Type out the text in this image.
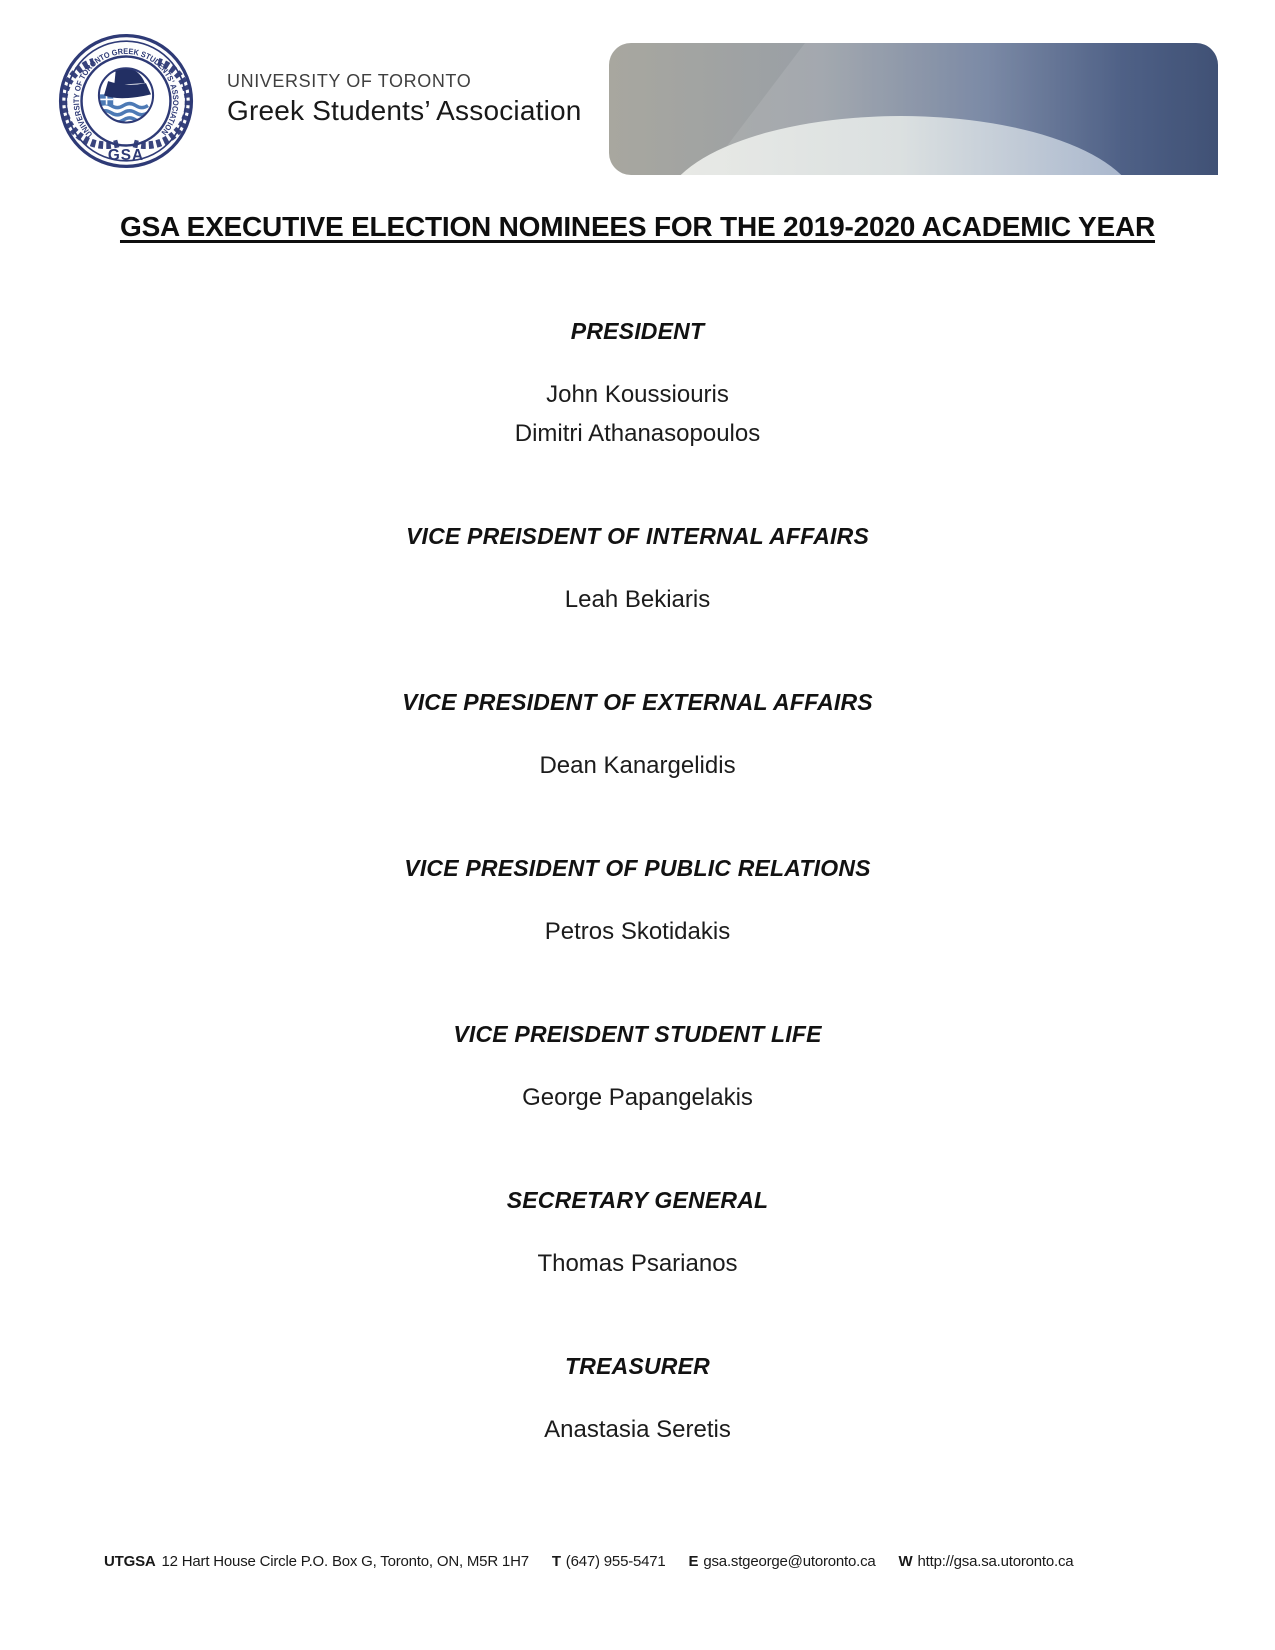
UNIVERSITY OF TORONTO GREEK STUDENTS’ ASSOCIATION
GSA
UNIVERSITY OF TORONTO
Greek Students’ Association
GSA EXECUTIVE ELECTION NOMINEES FOR THE 2019-2020 ACADEMIC YEAR
PRESIDENT
John Koussiouris
Dimitri Athanasopoulos
VICE PREISDENT OF INTERNAL AFFAIRS
Leah Bekiaris
VICE PRESIDENT OF EXTERNAL AFFAIRS
Dean Kanargelidis
VICE PRESIDENT OF PUBLIC RELATIONS
Petros Skotidakis
VICE PREISDENT STUDENT LIFE
George Papangelakis
SECRETARY GENERAL
Thomas Psarianos
TREASURER
Anastasia Seretis
UTGSA 12 Hart House Circle P.O. Box G, Toronto, ON, M5R 1H7 T (647) 955-5471 E gsa.stgeorge@utoronto.ca W http://gsa.sa.utoronto.ca
